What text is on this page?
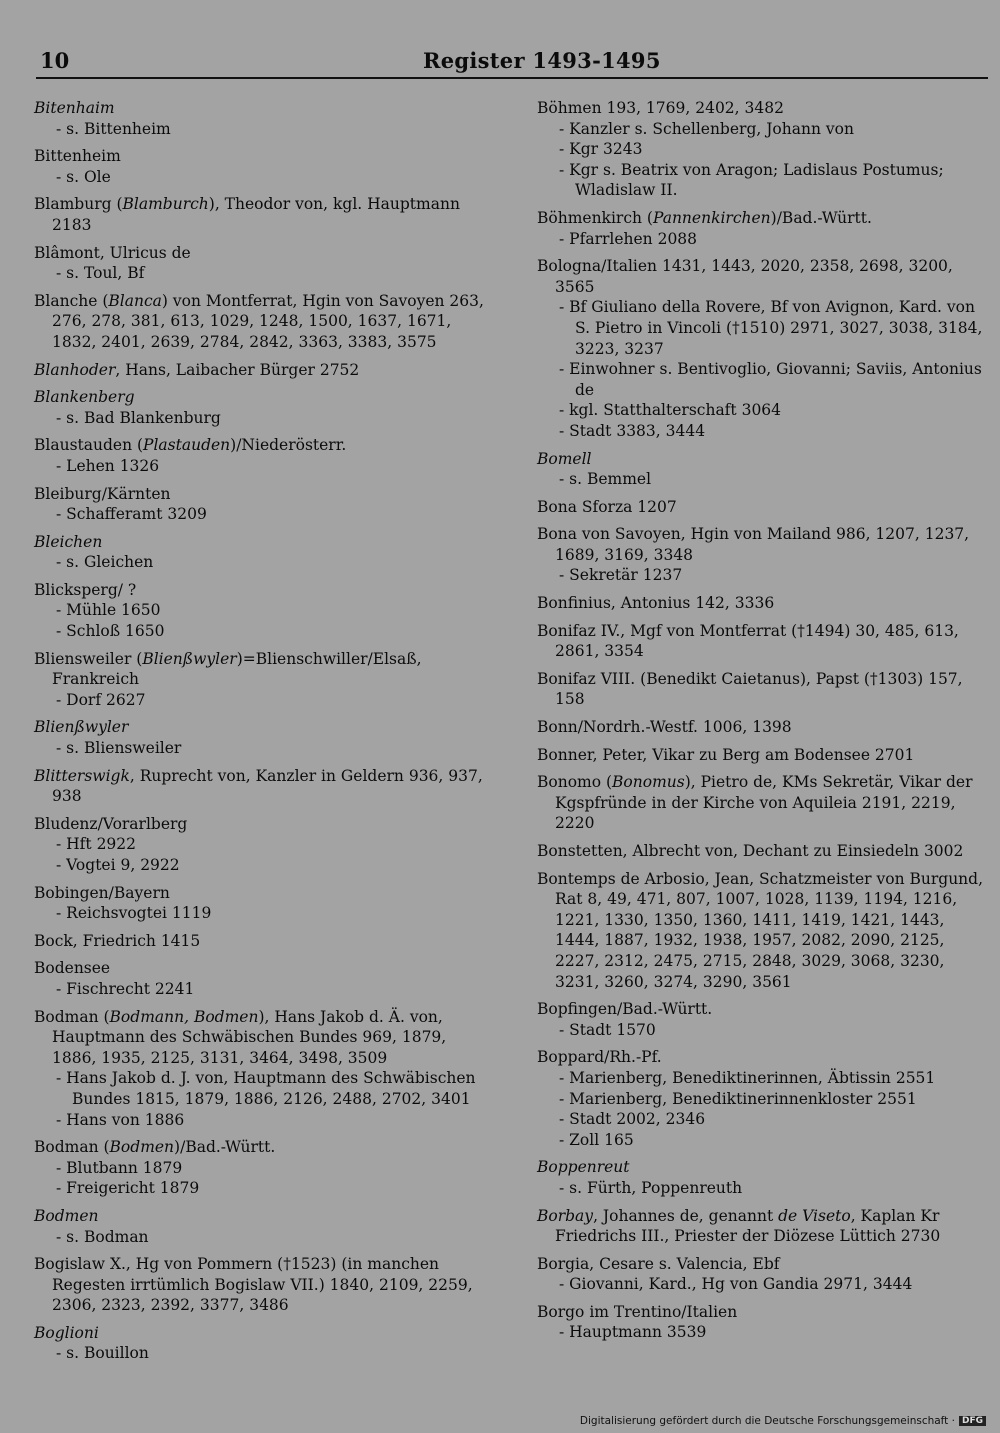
10	Register 1493-1495
Bitenhaim
- s. Bittenheim
Bittenheim
- s. Ole
Blamburg (Blamburch), Theodor von, kgl. Hauptmann 2183
Blâmont, Ulricus de
- s. Toul, Bf
Blanche (Blanca) von Montferrat, Hgin von Savoyen 263, 276, 278, 381, 613, 1029, 1248, 1500, 1637, 1671, 1832, 2401, 2639, 2784, 2842, 3363, 3383, 3575
Blanhoder, Hans, Laibacher Bürger 2752
Blankenberg
- s. Bad Blankenburg
Blaustauden (Plastauden)/Niederösterr.
- Lehen 1326
Bleiburg/Kärnten
- Schafferamt 3209
Bleichen
- s. Gleichen
Blicksperg/ ?
- Mühle 1650
- Schloß 1650
Bliensweiler (Blienßwyler)=Blienschwiller/Elsaß, Frankreich
- Dorf 2627
Blienßwyler
- s. Bliensweiler
Blitterswigk, Ruprecht von, Kanzler in Geldern 936, 937, 938
Bludenz/Vorarlberg
- Hft 2922
- Vogtei 9, 2922
Bobingen/Bayern
- Reichsvogtei 1119
Bock, Friedrich 1415
Bodensee
- Fischrecht 2241
Bodman (Bodmann, Bodmen), Hans Jakob d. Ä. von, Hauptmann des Schwäbischen Bundes 969, 1879, 1886, 1935, 2125, 3131, 3464, 3498, 3509
- Hans Jakob d. J. von, Hauptmann des Schwäbischen Bundes 1815, 1879, 1886, 2126, 2488, 2702, 3401
- Hans von 1886
Bodman (Bodmen)/Bad.-Württ.
- Blutbann 1879
- Freigericht 1879
Bodmen
- s. Bodman
Bogislaw X., Hg von Pommern (†1523) (in manchen Regesten irrtümlich Bogislaw VII.) 1840, 2109, 2259, 2306, 2323, 2392, 3377, 3486
Boglioni
- s. Bouillon
Böhmen 193, 1769, 2402, 3482
- Kanzler s. Schellenberg, Johann von
- Kgr 3243
- Kgr s. Beatrix von Aragon; Ladislaus Postumus; Wladislaw II.
Böhmenkirch (Pannenkirchen)/Bad.-Württ.
- Pfarrlehen 2088
Bologna/Italien 1431, 1443, 2020, 2358, 2698, 3200, 3565
- Bf Giuliano della Rovere, Bf von Avignon, Kard. von S. Pietro in Vincoli (†1510) 2971, 3027, 3038, 3184, 3223, 3237
- Einwohner s. Bentivoglio, Giovanni; Saviis, Antonius de
- kgl. Statthalterschaft 3064
- Stadt 3383, 3444
Bomell
- s. Bemmel
Bona Sforza 1207
Bona von Savoyen, Hgin von Mailand 986, 1207, 1237, 1689, 3169, 3348
- Sekretär 1237
Bonfinius, Antonius 142, 3336
Bonifaz IV., Mgf von Montferrat (†1494) 30, 485, 613, 2861, 3354
Bonifaz VIII. (Benedikt Caietanus), Papst (†1303) 157, 158
Bonn/Nordrh.-Westf. 1006, 1398
Bonner, Peter, Vikar zu Berg am Bodensee 2701
Bonomo (Bonomus), Pietro de, KMs Sekretär, Vikar der Kgspfründe in der Kirche von Aquileia 2191, 2219, 2220
Bonstetten, Albrecht von, Dechant zu Einsiedeln 3002
Bontemps de Arbosio, Jean, Schatzmeister von Burgund, Rat 8, 49, 471, 807, 1007, 1028, 1139, 1194, 1216, 1221, 1330, 1350, 1360, 1411, 1419, 1421, 1443, 1444, 1887, 1932, 1938, 1957, 2082, 2090, 2125, 2227, 2312, 2475, 2715, 2848, 3029, 3068, 3230, 3231, 3260, 3274, 3290, 3561
Bopfingen/Bad.-Württ.
- Stadt 1570
Boppard/Rh.-Pf.
- Marienberg, Benediktinerinnen, Äbtissin 2551
- Marienberg, Benediktinerinnenkloster 2551
- Stadt 2002, 2346
- Zoll 165
Boppenreut
- s. Fürth, Poppenreuth
Borbay, Johannes de, genannt de Viseto, Kaplan Kr Friedrichs III., Priester der Diözese Lüttich 2730
Borgia, Cesare s. Valencia, Ebf
- Giovanni, Kard., Hg von Gandia 2971, 3444
Borgo im Trentino/Italien
- Hauptmann 3539
Digitalisierung gefördert durch die Deutsche Forschungsgemeinschaft · DFG
